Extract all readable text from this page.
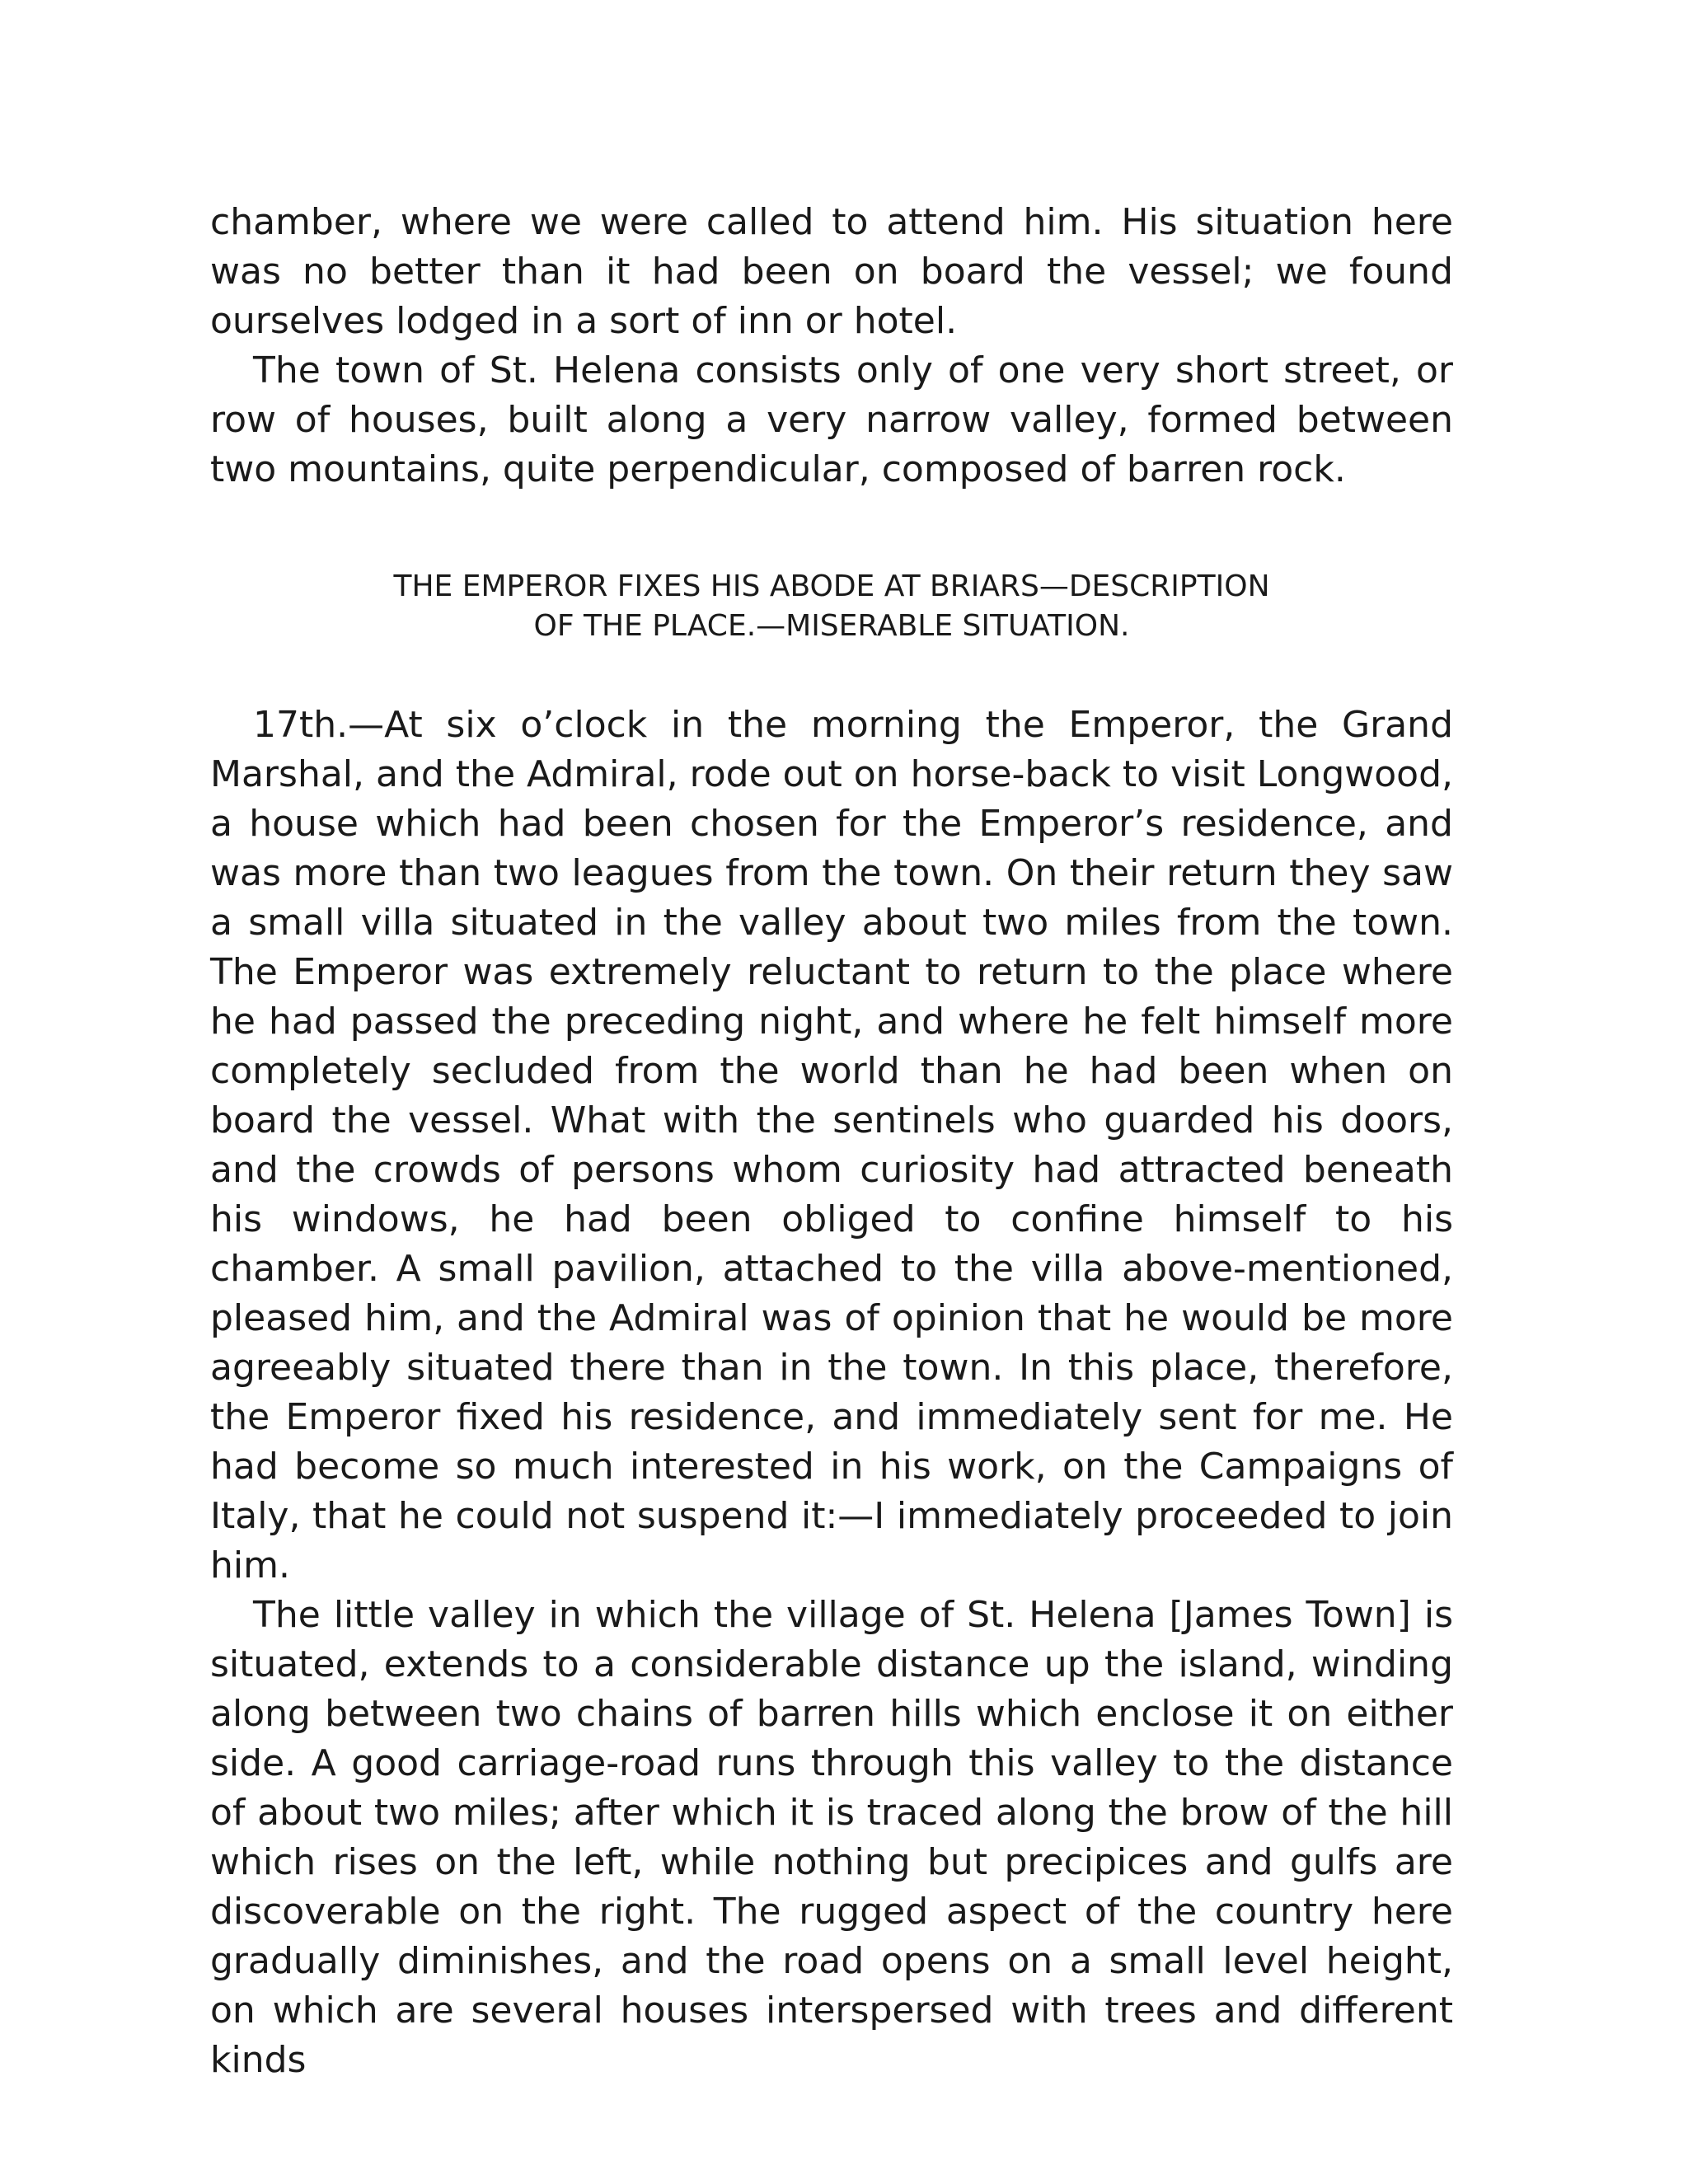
chamber, where we were called to attend him. His situation here was no better than it had been on board the vessel; we found ourselves lodged in a sort of inn or hotel.

The town of St. Helena consists only of one very short street, or row of houses, built along a very narrow valley, formed between two mountains, quite perpendicular, composed of barren rock.

THE EMPEROR FIXES HIS ABODE AT BRIARS—DESCRIPTION
OF THE PLACE.—MISERABLE SITUATION.

17th.—At six o’clock in the morning the Emperor, the Grand Marshal, and the Admiral, rode out on horse-back to visit Longwood, a house which had been chosen for the Emperor’s residence, and was more than two leagues from the town. On their return they saw a small villa situated in the valley about two miles from the town. The Emperor was extremely reluctant to return to the place where he had passed the preceding night, and where he felt himself more completely secluded from the world than he had been when on board the vessel. What with the sentinels who guarded his doors, and the crowds of persons whom curiosity had attracted beneath his windows, he had been obliged to confine himself to his chamber. A small pavilion, attached to the villa above-mentioned, pleased him, and the Admiral was of opinion that he would be more agreeably situated there than in the town. In this place, therefore, the Emperor fixed his residence, and immediately sent for me. He had become so much interested in his work, on the Campaigns of Italy, that he could not suspend it:—I immediately proceeded to join him.

The little valley in which the village of St. Helena [James Town] is situated, extends to a considerable distance up the island, winding along between two chains of barren hills which enclose it on either side. A good carriage-road runs through this valley to the distance of about two miles; after which it is traced along the brow of the hill which rises on the left, while nothing but precipices and gulfs are discoverable on the right. The rugged aspect of the country here gradually diminishes, and the road opens on a small level height, on which are several houses interspersed with trees and different kinds
